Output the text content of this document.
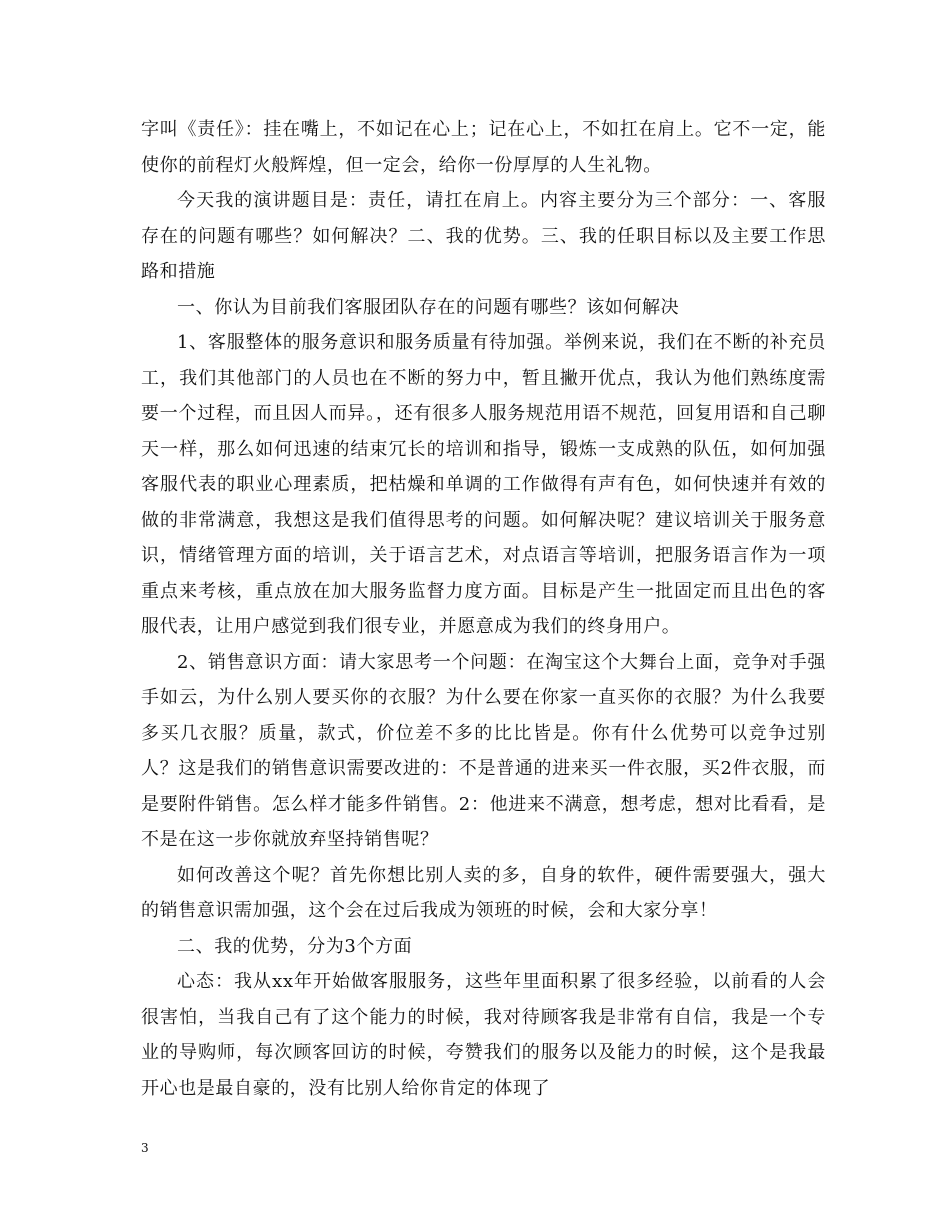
字叫《责任》：挂在嘴上，不如记在心上；记在心上，不如扛在肩上。它不一定，能使你的前程灯火般辉煌，但一定会，给你一份厚厚的人生礼物。

今天我的演讲题目是：责任，请扛在肩上。内容主要分为三个部分：一、客服存在的问题有哪些？如何解决？二、我的优势。三、我的任职目标以及主要工作思路和措施

一、你认为目前我们客服团队存在的问题有哪些？该如何解决

1、客服整体的服务意识和服务质量有待加强。举例来说，我们在不断的补充员工，我们其他部门的人员也在不断的努力中，暂且撇开优点，我认为他们熟练度需要一个过程，而且因人而异。，还有很多人服务规范用语不规范，回复用语和自己聊天一样，那么如何迅速的结束冗长的培训和指导，锻炼一支成熟的队伍，如何加强客服代表的职业心理素质，把枯燥和单调的工作做得有声有色，如何快速并有效的做的非常满意，我想这是我们值得思考的问题。如何解决呢？建议培训关于服务意识，情绪管理方面的培训，关于语言艺术，对点语言等培训，把服务语言作为一项重点来考核，重点放在加大服务监督力度方面。目标是产生一批固定而且出色的客服代表，让用户感觉到我们很专业，并愿意成为我们的终身用户。

2、销售意识方面：请大家思考一个问题：在淘宝这个大舞台上面，竞争对手强手如云，为什么别人要买你的衣服？为什么要在你家一直买你的衣服？为什么我要多买几衣服？质量，款式，价位差不多的比比皆是。你有什么优势可以竞争过别人？这是我们的销售意识需要改进的：不是普通的进来买一件衣服，买2件衣服，而是要附件销售。怎么样才能多件销售。2：他进来不满意，想考虑，想对比看看，是不是在这一步你就放弃坚持销售呢？

如何改善这个呢？首先你想比别人卖的多，自身的软件，硬件需要强大，强大的销售意识需加强，这个会在过后我成为领班的时候，会和大家分享！

二、我的优势，分为3个方面

心态：我从xx年开始做客服服务，这些年里面积累了很多经验，以前看的人会很害怕，当我自己有了这个能力的时候，我对待顾客我是非常有自信，我是一个专业的导购师，每次顾客回访的时候，夸赞我们的服务以及能力的时候，这个是我最开心也是最自豪的，没有比别人给你肯定的体现了

3
